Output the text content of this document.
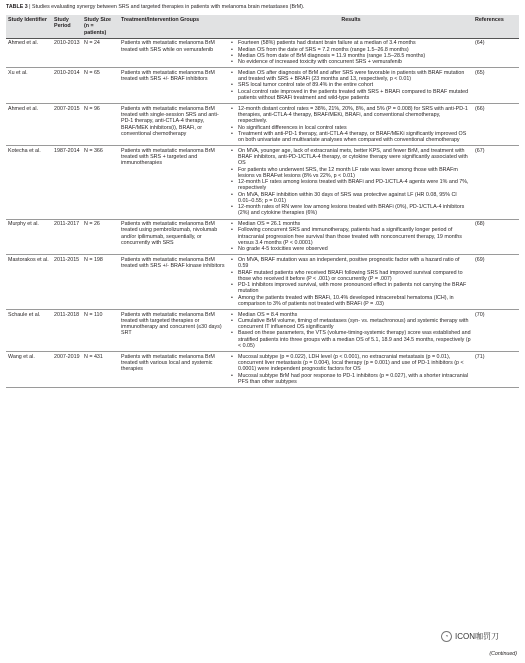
TABLE 3 | Studies evaluating synergy between SRS and targeted therapies in patients with melanoma brain metastases (BrM).
Study Identifier	Study Period	Study Size (n = patients)	Treatment/Intervention Groups	Results	References
Ahmed et al.	2010-2013	N = 24	Patients with metastatic melanoma BrM treated with SRS while on vemurafenib	• Fourteen (58%) patients had distant brain failure at a median of 3.4 months
• Median OS from the date of SRS = 7.2 months (range 1.5–26.8 months)
• Median OS from date of BrM diagnosis = 11.9 months (range 1.5–28.5 months)
• No evidence of increased toxicity with concurrent SRS + vemurafenib	(64)
Xu et al.	2010-2014	N = 65	Patients with metastatic melanoma BrM treated with SRS +/- BRAF inhibitors	• Median OS after diagnosis of BrM and after SRS were favorable in patients with BRAF mutation and treated with SRS + BRAFi (23 months and 13, respectively, p < 0.01)
• SRS local tumor control rate of 89.4% in the entire cohort
• Local control rate improved in the patients treated with SRS + BRAFi compared to BRAF mutated patients without BRAFi treatment and wild-type patients	(65)
Ahmed et al.	2007-2015	N = 96	Patients with metastatic melanoma BrM treated with single-session SRS and anti-PD-1 therapy, anti-CTLA-4 therapy, BRAF/MEK inhibitors(i), BRAFi, or conventional chemotherapy	• 12-month distant control rates = 38%, 21%, 20%, 8%, and 5% (P = 0.008) for SRS with anti-PD-1 therapies, anti-CTLA-4 therapy, BRAF/MEKi, BRAFi, and conventional chemotherapy, respectively.
• No significant differences in local control rates
• Treatment with anti-PD-1 therapy, anti-CTLA-4 therapy, or BRAF/MEKi significantly improved OS on both univariate and multivariate analyses when compared with conventional chemotherapy	(66)
Kotecha et al.	1987-2014	N = 366	Patients with metastatic melanoma BrM treated with SRS + targeted and immunotherapies	• On MVA, younger age, lack of extracranial mets, better KPS, and fewer BrM, and treatment with BRAF inhibitors, anti-PD-1/CTLA-4 therapy, or cytokine therapy were significantly associated with OS
• For patients who underwent SRS, the 12 month LF rate was lower among those with BRAFm lesions vs BRAFwt lesions (8% vs 22%, p < 0.01)
• 12-month LF rates among lesions treated with BRAFi and PD-1/CTLA-4 agents were 1% and 7%, respectively
• On MVA, BRAF inhibition within 30 days of SRS was protective against LF (HR 0.08, 95% CI 0.01–0.55; p = 0.01)
• 12-month rates of RN were low among lesions treated with BRAFi (0%), PD-1/CTLA-4 inhibitors (2%) and cytokine therapies (6%)	(67)
Murphy et al.	2011-2017	N = 26	Patients with metastatic melanoma BrM treated using pembrolizumab, nivolumab and/or ipilimumab, sequentially, or concurrently with SRS	• Median OS = 26.1 months
• Following concurrent SRS and immunotherapy, patients had a significantly longer period of intracranial progression free survival than those treated with nonconcurrent therapy, 19 months versus 3.4 months (P < 0.0001)
• No grade 4-5 toxicities were observed	(68)
Mastorakos et al.	2011-2015	N = 198	Patients with metastatic melanoma BrM treated with SRS +/- BRAF kinase inhibitors	• On MVA, BRAF mutation was an independent, positive prognostic factor with a hazard ratio of 0.59
• BRAF mutated patients who received BRAFi following SRS had improved survival compared to those who received it before (P < .001) or concurrently (P = .007)
• PD-1 inhibitors improved survival, with more pronounced effect in patients not carrying the BRAF mutation
• Among the patients treated with BRAFi, 10.4% developed intracerebral hematoma (ICH), in comparison to 3% of patients not treated with BRAFi (P = .03)	(69)
Schaule et al.	2011-2018	N = 110	Patients with metastatic melanoma BrM treated with targeted therapies or immunotherapy and concurrent (≤30 days) SRT	• Median OS = 8.4 months
• Cumulative BrM volume, timing of metastases (syn- vs. metachronous) and systemic therapy with concurrent IT influenced OS significantly
• Based on these parameters, the VTS (volume-timing-systemic therapy) score was established and stratified patients into three groups with a median OS of 5.1, 18.9 and 34.5 months, respectively (p < 0.05)	(70)
Wang et al.	2007-2019	N = 431	Patients with metastatic melanoma BrM treated with various local and systemic therapies	• Mucosal subtype (p = 0.022), LDH level (p < 0.001), no extracranial metastasis (p = 0.01), concurrent liver metastasis (p = 0.004), local therapy (p = 0.001) and use of PD-1 inhibitors (p < 0.0001) were independent prognostic factors for OS
• Mucosal subtype BrM had poor response to PD-1 inhibitors (p = 0.027), with a shorter intracranial PFS than other subtypes	(71)
◔ ICON咖罚刀
(Continued)
